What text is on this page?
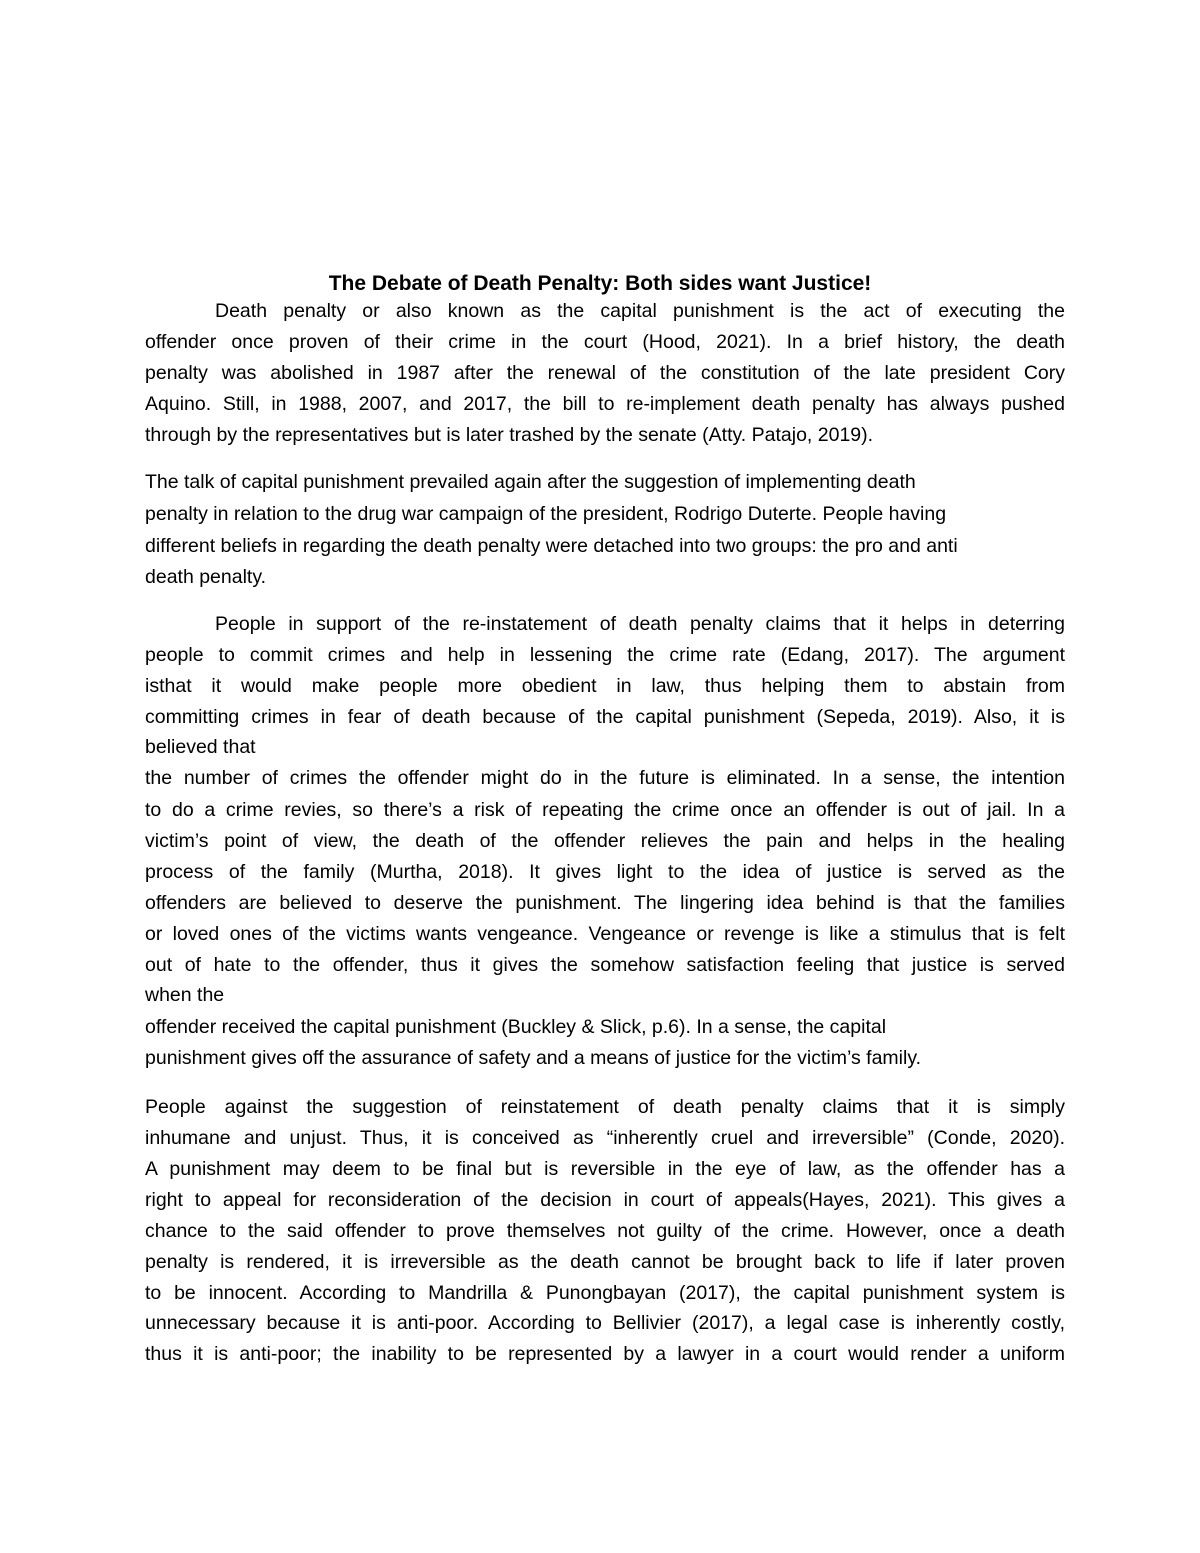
The Debate of Death Penalty: Both sides want Justice!
Death penalty or also known as the capital punishment is the act of executing the
offender once proven of their crime in the court (Hood, 2021). In a brief history, the death
penalty was abolished in 1987 after the renewal of the constitution of the late president Cory
Aquino. Still, in 1988, 2007, and 2017, the bill to re-implement death penalty has always pushed
through by the representatives but is later trashed by the senate (Atty. Patajo, 2019).
The talk of capital punishment prevailed again after the suggestion of implementing death
penalty in relation to the drug war campaign of the president, Rodrigo Duterte. People having
different beliefs in regarding the death penalty were detached into two groups: the pro and anti
death penalty.
People in support of the re-instatement of death penalty claims that it helps in deterring
people to commit crimes and help in lessening the crime rate (Edang, 2017). The argument
isthat it would make people more obedient in law, thus helping them to abstain from
committing crimes in fear of death because of the capital punishment (Sepeda, 2019). Also, it is
believed that
the number of crimes the offender might do in the future is eliminated. In a sense, the intention
to do a crime revies, so there’s a risk of repeating the crime once an offender is out of jail. In a
victim’s point of view, the death of the offender relieves the pain and helps in the healing
process of the family (Murtha, 2018). It gives light to the idea of justice is served as the
offenders are believed to deserve the punishment. The lingering idea behind is that the families
or loved ones of the victims wants vengeance. Vengeance or revenge is like a stimulus that is felt
out of hate to the offender, thus it gives the somehow satisfaction feeling that justice is served
when the
offender received the capital punishment (Buckley & Slick, p.6). In a sense, the capital
punishment gives off the assurance of safety and a means of justice for the victim’s family.
People against the suggestion of reinstatement of death penalty claims that it is simply
inhumane and unjust. Thus, it is conceived as “inherently cruel and irreversible” (Conde, 2020).
A punishment may deem to be final but is reversible in the eye of law, as the offender has a
right to appeal for reconsideration of the decision in court of appeals(Hayes, 2021). This gives a
chance to the said offender to prove themselves not guilty of the crime. However, once a death
penalty is rendered, it is irreversible as the death cannot be brought back to life if later proven
to be innocent. According to Mandrilla & Punongbayan (2017), the capital punishment system is
unnecessary because it is anti-poor. According to Bellivier (2017), a legal case is inherently costly,
thus it is anti-poor; the inability to be represented by a lawyer in a court would render a uniform
